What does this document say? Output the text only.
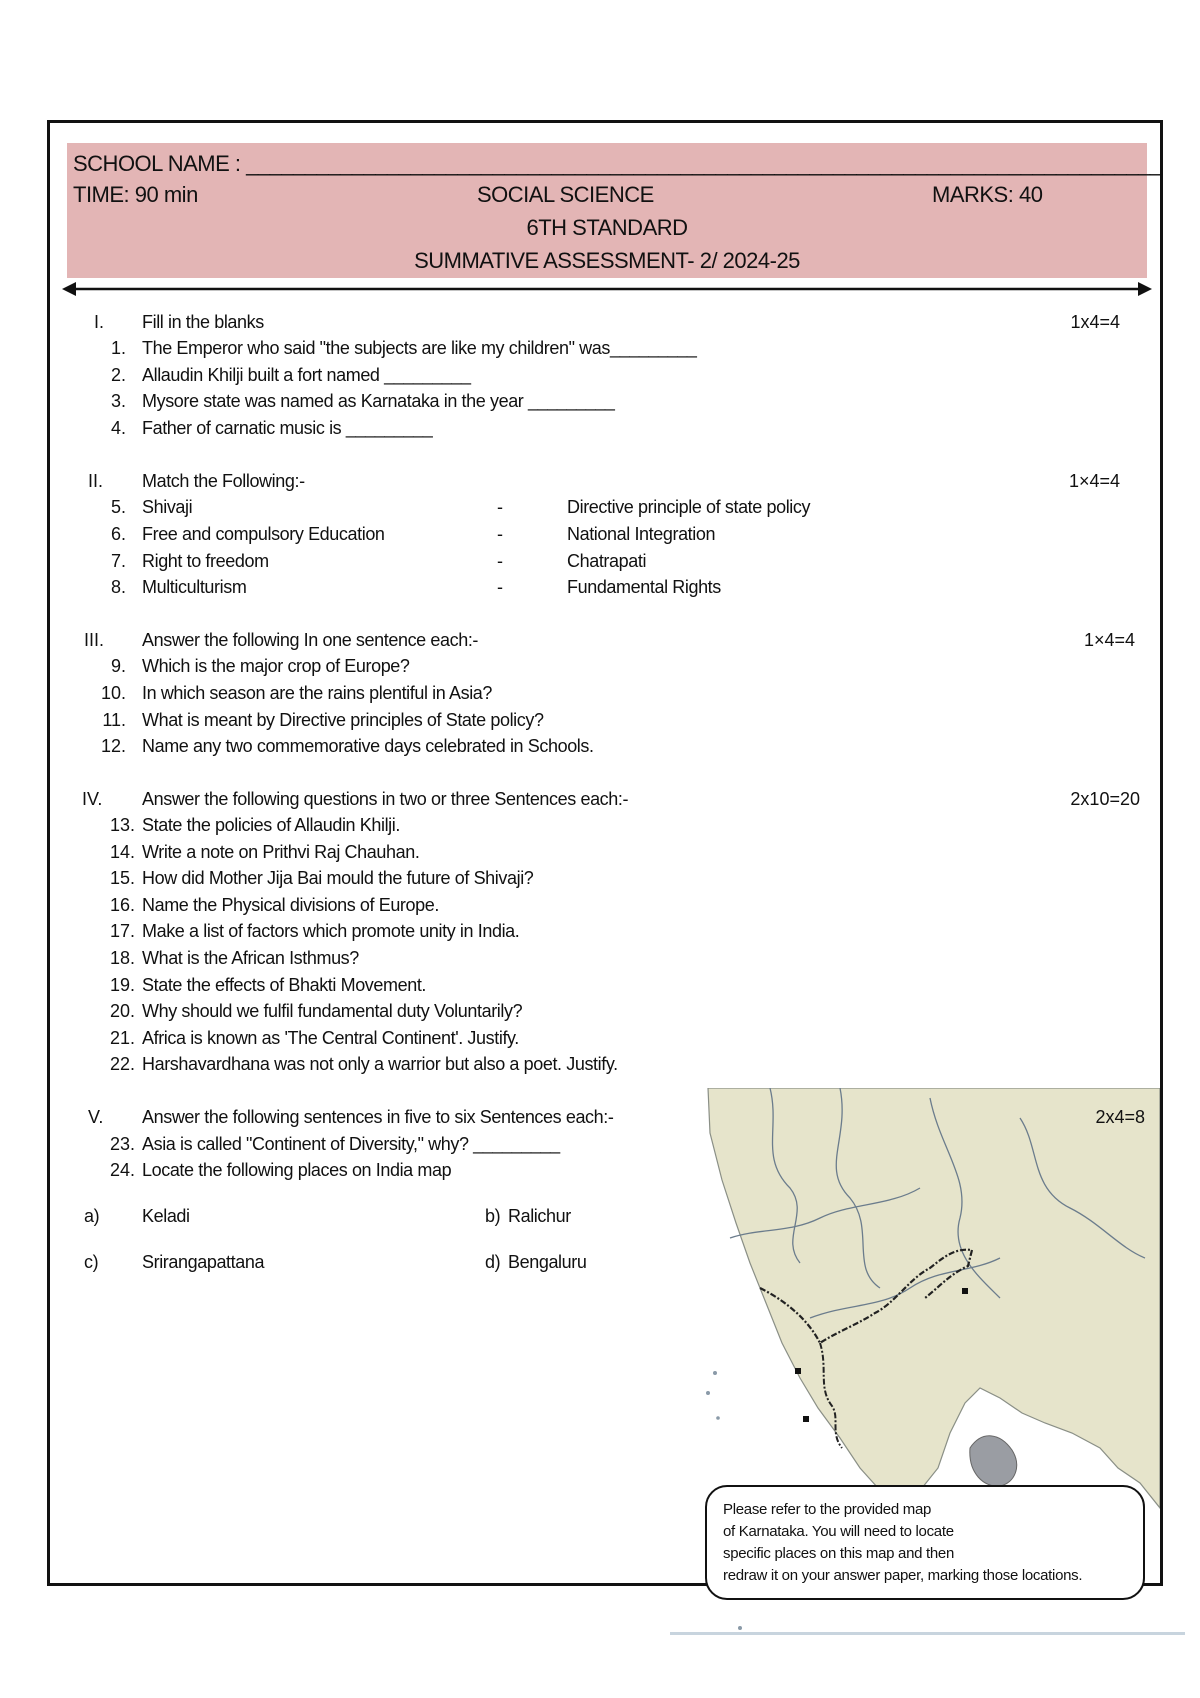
SCHOOL NAME : ______________________________________________________________________________
TIME: 90 min	SOCIAL SCIENCE	MARKS: 40
6TH STANDARD
SUMMATIVE ASSESSMENT- 2/ 2024-25
I. Fill in the blanks	1x4=4
1. The Emperor who said "the subjects are like my children" was_________
2. Allaudin Khilji built a fort named _________
3. Mysore state was named as Karnataka in the year _________
4. Father of carnatic music is _________
II. Match the Following:-	1×4=4
5. Shivaji	-	Directive principle of state policy
6. Free and compulsory Education	-	National Integration
7. Right to freedom	-	Chatrapati
8. Multiculturism	-	Fundamental Rights
III. Answer the following In one sentence each:-	1×4=4
9. Which is the major crop of Europe?
10. In which season are the rains plentiful in Asia?
11. What is meant by Directive principles of State policy?
12. Name any two commemorative days celebrated in Schools.
IV. Answer the following questions in two or three Sentences each:-	2x10=20
13. State the policies of Allaudin Khilji.
14. Write a note on Prithvi Raj Chauhan.
15. How did Mother Jija Bai mould the future of Shivaji?
16. Name the Physical divisions of Europe.
17. Make a list of factors which promote unity in India.
18. What is the African Isthmus?
19. State the effects of Bhakti Movement.
20. Why should we fulfil fundamental duty Voluntarily?
21. Africa is known as 'The Central Continent'. Justify.
22. Harshavardhana was not only a warrior but also a poet. Justify.
V. Answer the following sentences in five to six Sentences each:-	2x4=8
23. Asia is called "Continent of Diversity," why? _________
24. Locate the following places on India map
a) Keladi	b) Ralichur
c) Srirangapattana	d) Bengaluru
Please refer to the provided map
of Karnataka. You will need to locate
specific places on this map and then
redraw it on your answer paper, marking those locations.
